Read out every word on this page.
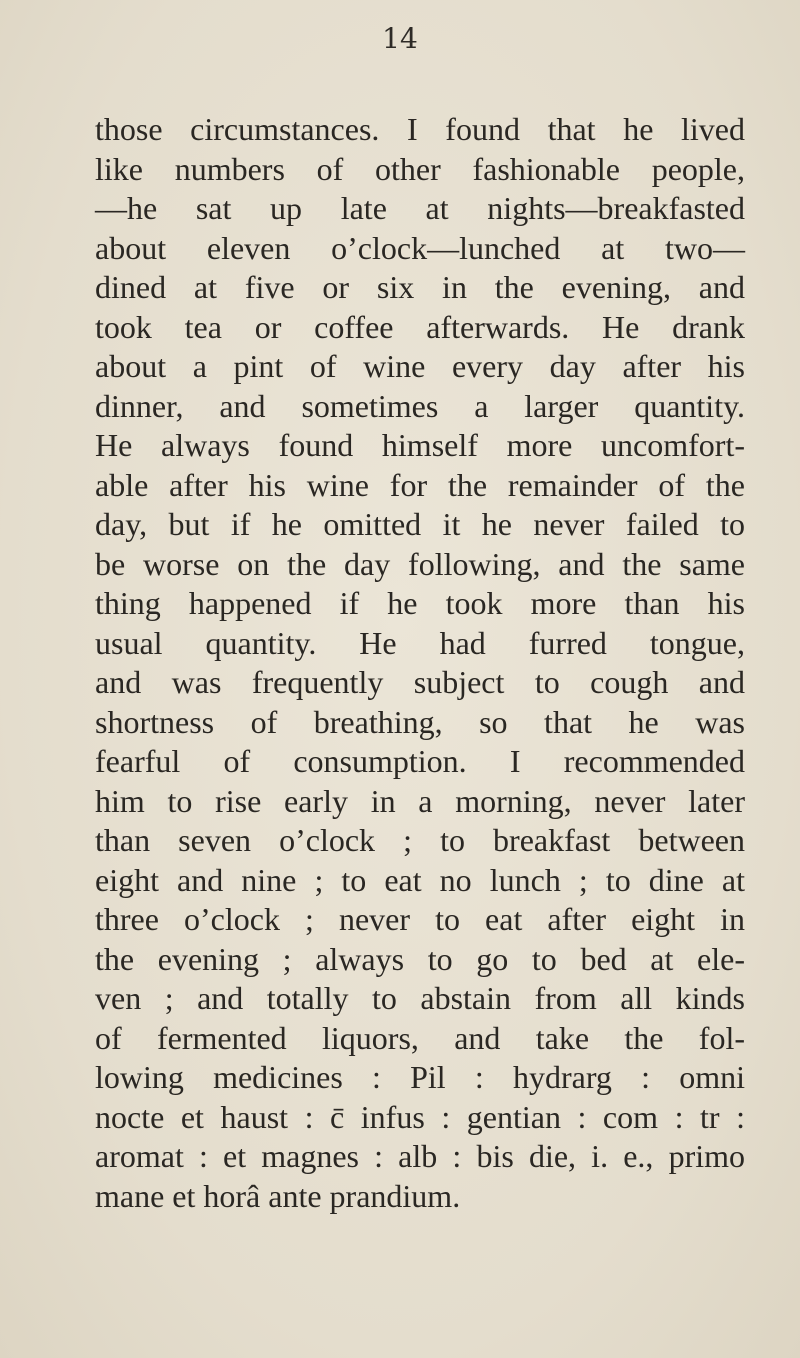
14

those circumstances. I found that he lived
like numbers of other fashionable people,
—he sat up late at nights—breakfasted
about eleven o’clock—lunched at two—
dined at five or six in the evening, and
took tea or coffee afterwards. He drank
about a pint of wine every day after his
dinner, and sometimes a larger quantity.
He always found himself more uncomfort-
able after his wine for the remainder of the
day, but if he omitted it he never failed to
be worse on the day following, and the same
thing happened if he took more than his
usual quantity. He had furred tongue,
and was frequently subject to cough and
shortness of breathing, so that he was
fearful of consumption. I recommended
him to rise early in a morning, never later
than seven o’clock ; to breakfast between
eight and nine ; to eat no lunch ; to dine at
three o’clock ; never to eat after eight in
the evening ; always to go to bed at ele-
ven ; and totally to abstain from all kinds
of fermented liquors, and take the fol-
lowing medicines : Pil : hydrarg : omni
nocte et haust : c̄ infus : gentian : com : tr :
aromat : et magnes : alb : bis die, i. e., primo
mane et horâ ante prandium.
